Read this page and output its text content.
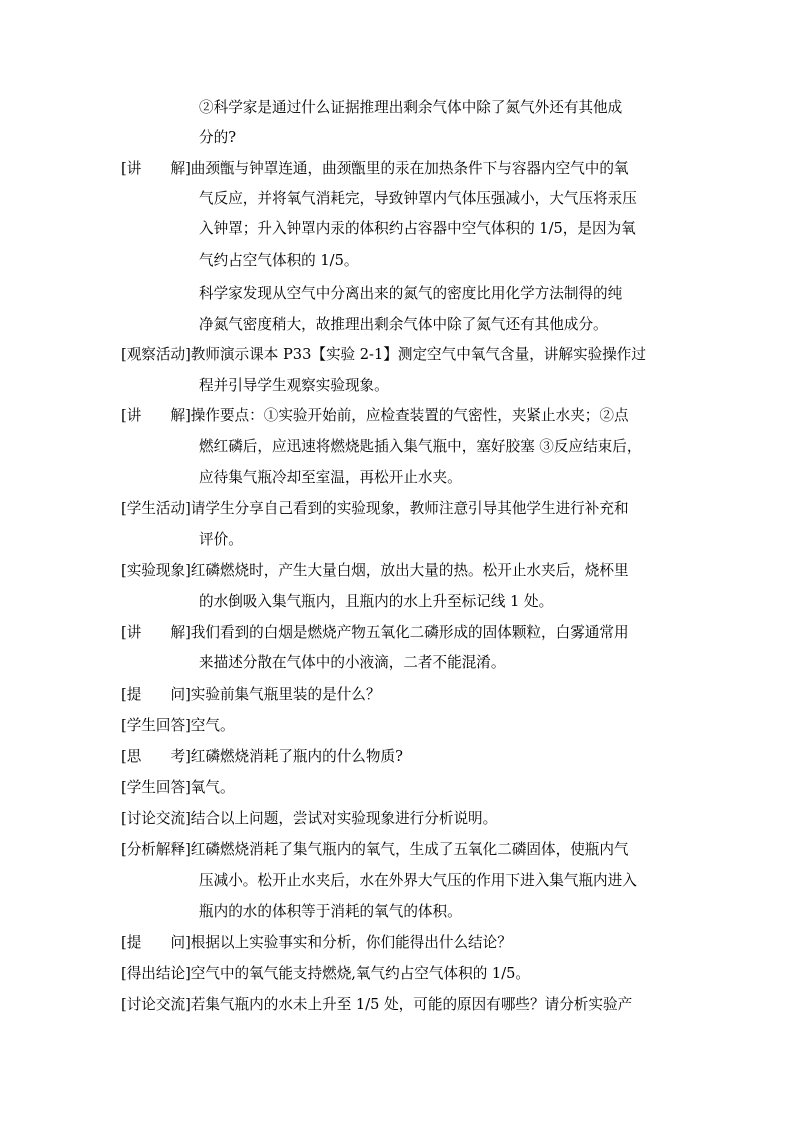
②科学家是通过什么证据推理出剩余气体中除了氮气外还有其他成
分的?
[讲　　解]曲颈甑与钟罩连通，曲颈甑里的汞在加热条件下与容器内空气中的氧
气反应，并将氧气消耗完，导致钟罩内气体压强减小，大气压将汞压
入钟罩；升入钟罩内汞的体积约占容器中空气体积的 1/5，是因为氧
气约占空气体积的 1/5。
科学家发现从空气中分离出来的氮气的密度比用化学方法制得的纯
净氮气密度稍大，故推理出剩余气体中除了氮气还有其他成分。
[观察活动]教师演示课本 P33【实验 2-1】测定空气中氧气含量，讲解实验操作过
程并引导学生观察实验现象。
[讲　　解]操作要点：①实验开始前，应检查装置的气密性，夹紧止水夹；②点
燃红磷后，应迅速将燃烧匙插入集气瓶中，塞好胶塞 ③反应结束后，
应待集气瓶冷却至室温，再松开止水夹。
[学生活动]请学生分享自己看到的实验现象，教师注意引导其他学生进行补充和
评价。
[实验现象]红磷燃烧时，产生大量白烟，放出大量的热。松开止水夹后，烧杯里
的水倒吸入集气瓶内，且瓶内的水上升至标记线 1 处。
[讲　　解]我们看到的白烟是燃烧产物五氧化二磷形成的固体颗粒，白雾通常用
来描述分散在气体中的小液滴，二者不能混淆。
[提　　问]实验前集气瓶里装的是什么？
[学生回答]空气。
[思　　考]红磷燃烧消耗了瓶内的什么物质?
[学生回答]氧气。
[讨论交流]结合以上问题，尝试对实验现象进行分析说明。
[分析解释]红磷燃烧消耗了集气瓶内的氧气，生成了五氧化二磷固体，使瓶内气
压减小。松开止水夹后，水在外界大气压的作用下进入集气瓶内进入
瓶内的水的体积等于消耗的氧气的体积。
[提　　问]根据以上实验事实和分析，你们能得出什么结论？
[得出结论]空气中的氧气能支持燃烧,氧气约占空气体积的 1/5。
[讨论交流]若集气瓶内的水未上升至 1/5 处，可能的原因有哪些？请分析实验产
